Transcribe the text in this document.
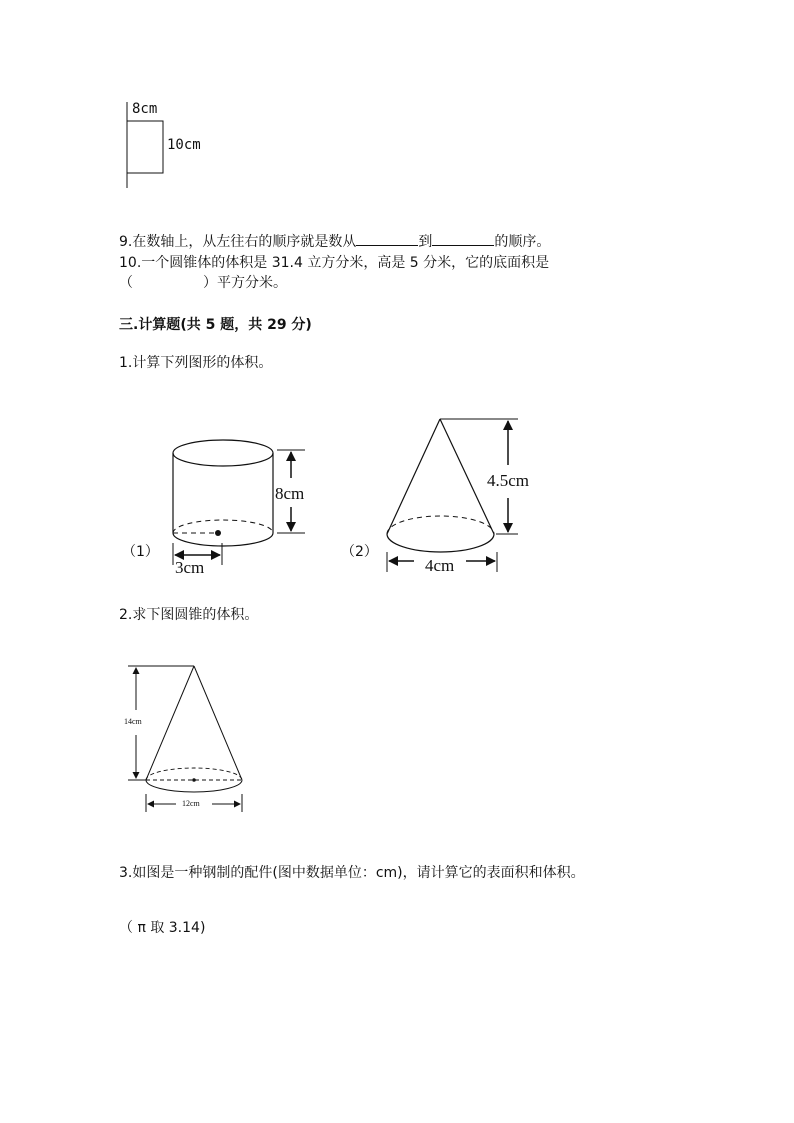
8cm
10cm
9.在数轴上，从左往右的顺序就是数从	到	的顺序。
10.一个圆锥体的体积是 31.4 立方分米，高是 5 分米，它的底面积是
（	）平方分米。
三.计算题(共 5 题，共 29 分)
1.计算下列图形的体积。
8cm
3cm
（1）
4.5cm
4cm
（2）
2.求下图圆锥的体积。
14cm
12cm
3.如图是一种钢制的配件(图中数据单位：cm)，请计算它的表面积和体积。
（ π 取 3.14)
